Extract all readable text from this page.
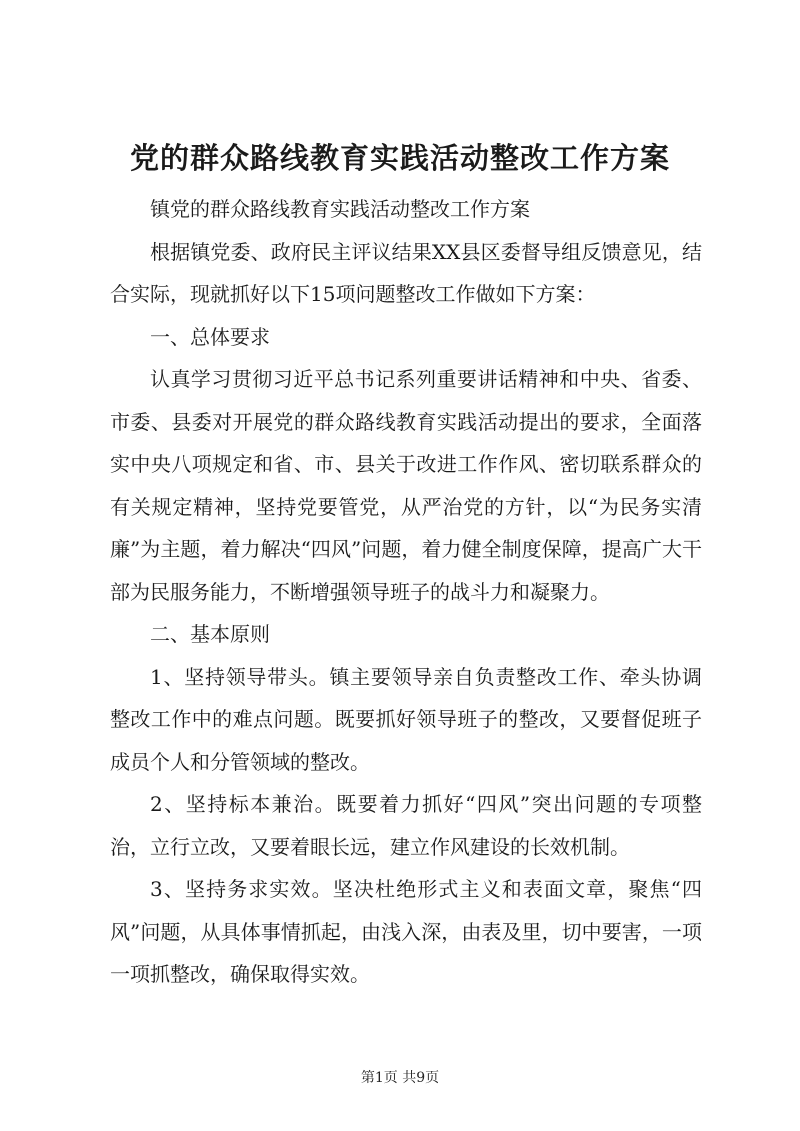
党的群众路线教育实践活动整改工作方案

镇党的群众路线教育实践活动整改工作方案

根据镇党委、政府民主评议结果XX县区委督导组反馈意见，结合实际，现就抓好以下15项问题整改工作做如下方案：

一、总体要求

认真学习贯彻习近平总书记系列重要讲话精神和中央、省委、市委、县委对开展党的群众路线教育实践活动提出的要求，全面落实中央八项规定和省、市、县关于改进工作作风、密切联系群众的有关规定精神，坚持党要管党，从严治党的方针，以“为民务实清廉”为主题，着力解决“四风”问题，着力健全制度保障，提高广大干部为民服务能力，不断增强领导班子的战斗力和凝聚力。

二、基本原则

1、坚持领导带头。镇主要领导亲自负责整改工作、牵头协调整改工作中的难点问题。既要抓好领导班子的整改，又要督促班子成员个人和分管领域的整改。

2、坚持标本兼治。既要着力抓好“四风”突出问题的专项整治，立行立改，又要着眼长远，建立作风建设的长效机制。

3、坚持务求实效。坚决杜绝形式主义和表面文章，聚焦“四风”问题，从具体事情抓起，由浅入深，由表及里，切中要害，一项一项抓整改，确保取得实效。

第1页 共9页
